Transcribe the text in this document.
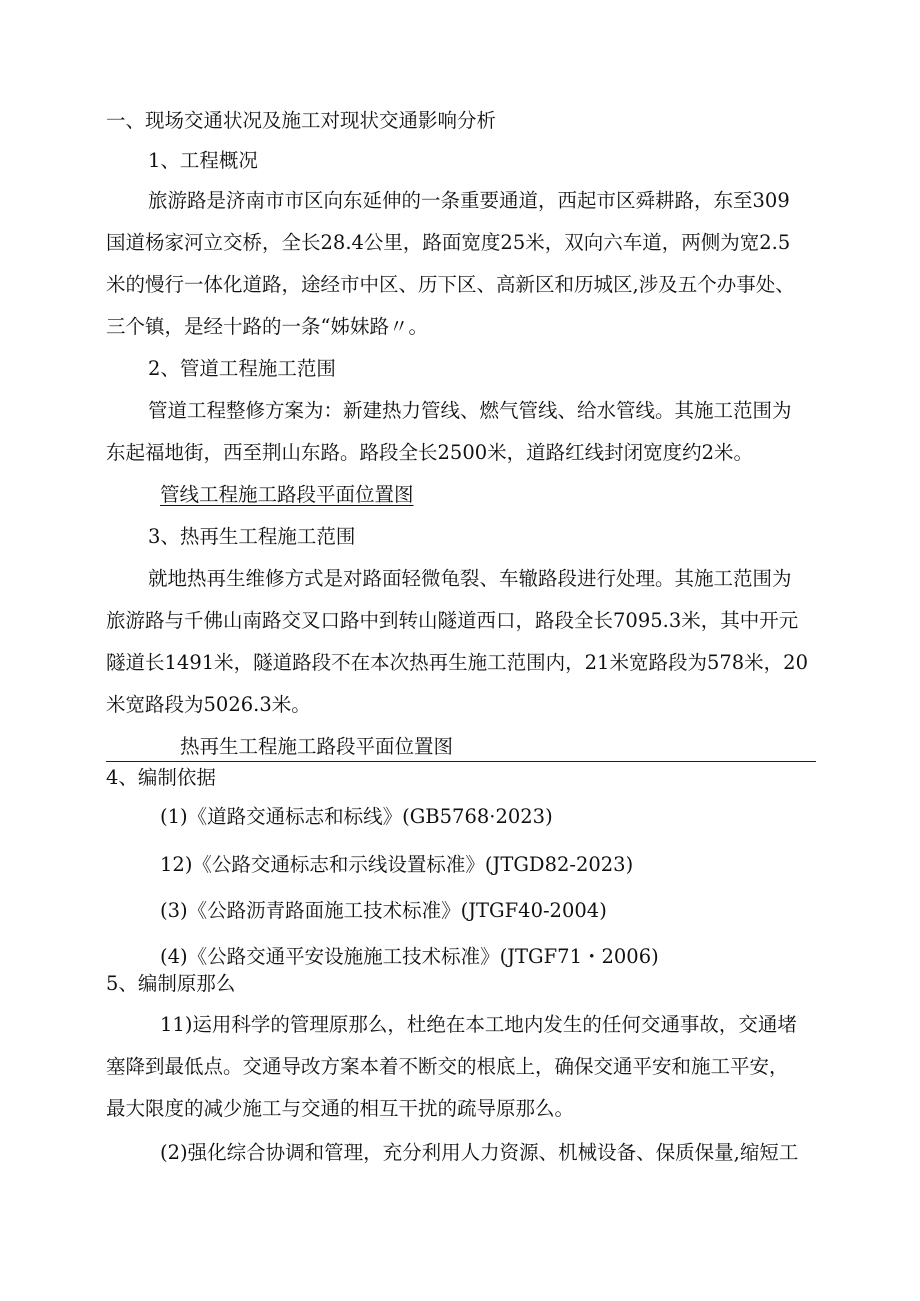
一、现场交通状况及施工对现状交通影响分析
1、工程概况
旅游路是济南市市区向东延伸的一条重要通道，西起市区舜耕路，东至309
国道杨家河立交桥，全长28.4公里，路面宽度25米，双向六车道，两侧为宽2.5
米的慢行一体化道路，途经市中区、历下区、高新区和历城区,涉及五个办事处、
三个镇，是经十路的一条“姊妹路〃。
2、管道工程施工范围
管道工程整修方案为：新建热力管线、燃气管线、给水管线。其施工范围为
东起福地街，西至荆山东路。路段全长2500米，道路红线封闭宽度约2米。
管线工程施工路段平面位置图
3、热再生工程施工范围
就地热再生维修方式是对路面轻微龟裂、车辙路段进行处理。其施工范围为
旅游路与千佛山南路交叉口路中到转山隧道西口，路段全长7095.3米，其中开元
隧道长1491米，隧道路段不在本次热再生施工范围内，21米宽路段为578米，20
米宽路段为5026.3米。
热再生工程施工路段平面位置图
4、编制依据
(1)《道路交通标志和标线》(GB5768·2023)
12)《公路交通标志和示线设置标准》(JTGD82-2023)
(3)《公路沥青路面施工技术标准》(JTGF40-2004)
(4)《公路交通平安设施施工技术标准》(JTGF71・2006)
5、编制原那么
11)运用科学的管理原那么，杜绝在本工地内发生的任何交通事故，交通堵
塞降到最低点。交通导改方案本着不断交的根底上，确保交通平安和施工平安，
最大限度的减少施工与交通的相互干扰的疏导原那么。
(2)强化综合协调和管理，充分利用人力资源、机械设备、保质保量,缩短工
